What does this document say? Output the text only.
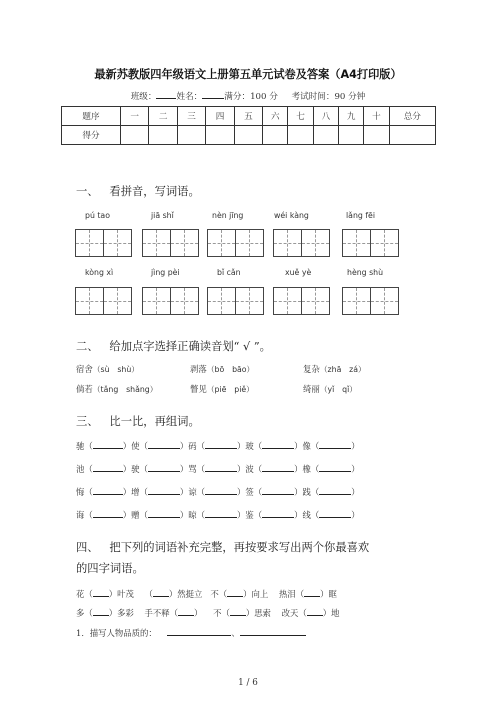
最新苏教版四年级语文上册第五单元试卷及答案（A4打印版）
班级： 姓名：	满分：100 分 考试时间：90 分钟
题序	一	二	三	四	五	六	七	八	九	十	总分
得分											
一、 看拼音，写词语。
pú tao	jiā shǐ	nèn jīng	wéi kàng	lǎng fēi
kòng xì	jìng pèi	bǐ cǎn	xuě yè	hèng shù
二、 给加点字选择正确读音划“ √ ”。
宿舍（sù　shù）	剥落（bō　bāo）	复杂（zhā　zá）
倘若（tǎng　shǎng）	瞥见（piē　piě）	绮丽（yǐ　qǐ）
三、 比一比，再组词。
驰（	）使（	）码（	）玻（	）像（	）
池（	）驶（	）骂（	）波（	）橡（	）
悔（	）增（	）谅（	）签（	）践（	）
诲（	）赠（	）晾（	）鉴（	）线（	）
四、 把下列的词语补充完整，再按要求写出两个你最喜欢
的四字词语。
花（ ）叶茂    （ ）然挺立 不（ ）向上 热泪（ ）眶
多（ ）多彩 手不释（ ）    不（ ）思索 改天（ ）地
1．描写人物品质的：	、
1 / 6
